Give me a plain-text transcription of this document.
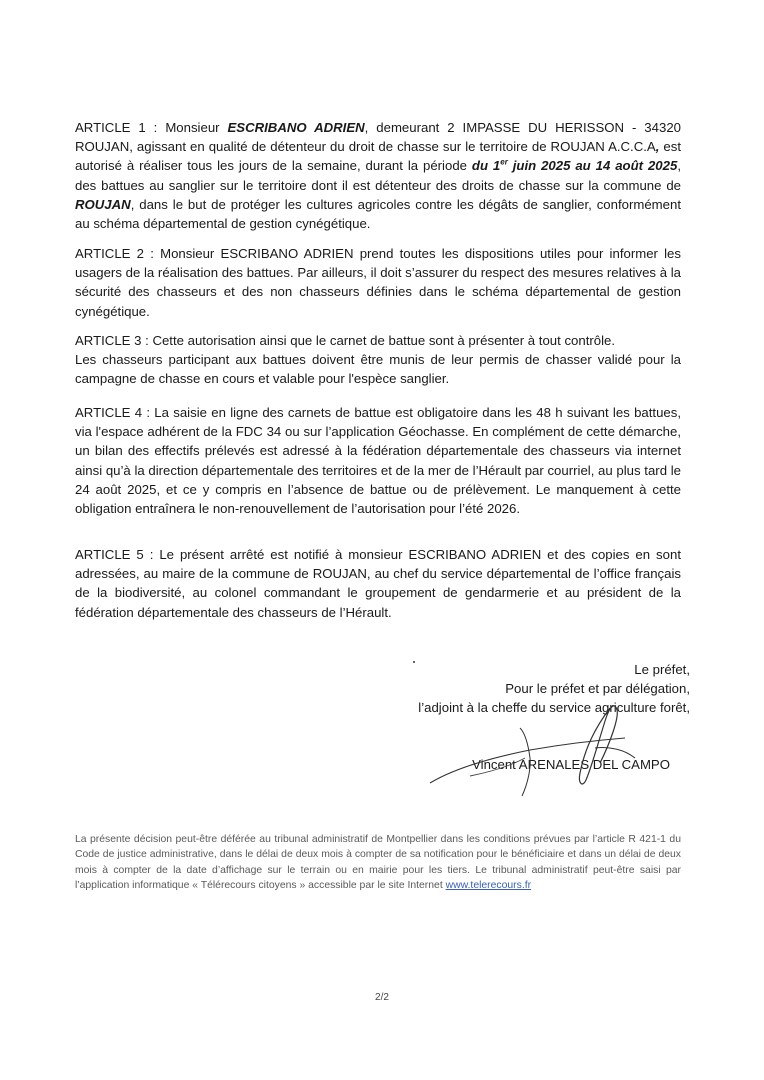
ARTICLE 1 : Monsieur ESCRIBANO ADRIEN, demeurant 2 IMPASSE DU HERISSON - 34320 ROUJAN, agissant en qualité de détenteur du droit de chasse sur le territoire de ROUJAN A.C.C.A, est autorisé à réaliser tous les jours de la semaine, durant la période du 1er juin 2025 au 14 août 2025, des battues au sanglier sur le territoire dont il est détenteur des droits de chasse sur la commune de ROUJAN, dans le but de protéger les cultures agricoles contre les dégâts de sanglier, conformément au schéma départemental de gestion cynégétique.

ARTICLE 2 : Monsieur ESCRIBANO ADRIEN prend toutes les dispositions utiles pour informer les usagers de la réalisation des battues. Par ailleurs, il doit s’assurer du respect des mesures relatives à la sécurité des chasseurs et des non chasseurs définies dans le schéma départemental de gestion cynégétique.

ARTICLE 3 : Cette autorisation ainsi que le carnet de battue sont à présenter à tout contrôle.
Les chasseurs participant aux battues doivent être munis de leur permis de chasser validé pour la campagne de chasse en cours et valable pour l'espèce sanglier.

ARTICLE 4 : La saisie en ligne des carnets de battue est obligatoire dans les 48 h suivant les battues, via l'espace adhérent de la FDC 34 ou sur l’application Géochasse. En complément de cette démarche, un bilan des effectifs prélevés est adressé à la fédération départementale des chasseurs via internet ainsi qu’à la direction départementale des territoires et de la mer de l’Hérault par courriel, au plus tard le 24 août 2025, et ce y compris en l’absence de battue ou de prélèvement. Le manquement à cette obligation entraînera le non-renouvellement de l’autorisation pour l’été 2026.

ARTICLE 5 : Le présent arrêté est notifié à monsieur ESCRIBANO ADRIEN et des copies en sont adressées, au maire de la commune de ROUJAN, au chef du service départemental de l’office français de la biodiversité, au colonel commandant le groupement de gendarmerie et au président de la fédération départementale des chasseurs de l’Hérault.

Le préfet,
Pour le préfet et par délégation,
l’adjoint à la cheffe du service agriculture forêt,
Vincent ARENALES DEL CAMPO

La présente décision peut-être déférée au tribunal administratif de Montpellier dans les conditions prévues par l’article R 421-1 du Code de justice administrative, dans le délai de deux mois à compter de sa notification pour le bénéficiaire et dans un délai de deux mois à compter de la date d’affichage sur le terrain ou en mairie pour les tiers. Le tribunal administratif peut-être saisi par l’application informatique « Télérecours citoyens » accessible par le site Internet www.telerecours.fr

2/2
